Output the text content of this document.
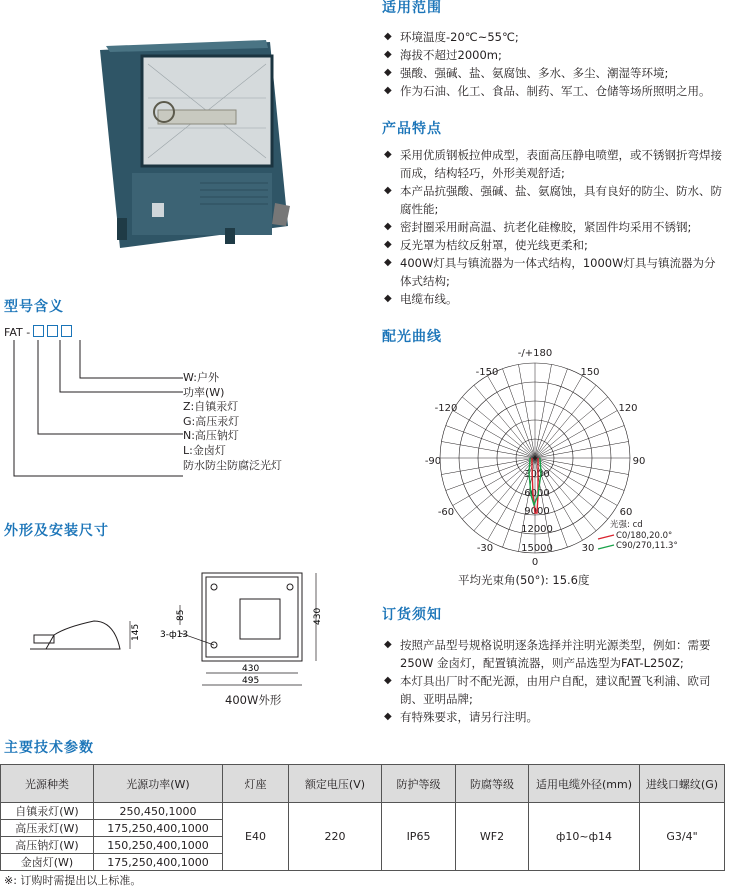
适用范围
◆ 环境温度-20℃~55℃;
◆ 海拔不超过2000m;
◆ 强酸、强碱、盐、氨腐蚀、多水、多尘、潮湿等环境;
◆ 作为石油、化工、食品、制药、军工、仓储等场所照明之用。
产品特点
◆ 采用优质钢板拉伸成型，表面高压静电喷塑，或不锈钢折弯焊接而成，结构轻巧，外形美观舒适;
◆ 本产品抗强酸、强碱、盐、氨腐蚀，具有良好的防尘、防水、防腐性能;
◆ 密封圈采用耐高温、抗老化硅橡胶，紧固件均采用不锈钢;
◆ 反光罩为桔纹反射罩，使光线更柔和;
◆ 400W灯具与镇流器为一体式结构，1000W灯具与镇流器为分体式结构;
◆ 电缆布线。
配光曲线
-/+180
-150	150
-120	120
-90	90
-60	60
-30	30
0
3000
6000
9000
12000
15000
光强: cd
C0/180,20.0°
C90/270,11.3°
平均光束角(50°): 15.6度
订货须知
◆ 按照产品型号规格说明逐条选择并注明光源类型，例如：需要250W 金卤灯，配置镇流器，则产品选型为FAT-L250Z;
◆ 本灯具出厂时不配光源，由用户自配，建议配置飞利浦、欧司朗、亚明品牌;
◆ 有特殊要求，请另行注明。
型号含义
FAT -
W:户外
功率(W)
Z:自镇汞灯
G:高压汞灯
N:高压钠灯
L:金卤灯
防水防尘防腐泛光灯
外形及安装尺寸
145
85
3-ф13
430
430
495
400W外形
主要技术参数
光源种类	光源功率(W)	灯座	额定电压(V)	防护等级	防腐等级	适用电缆外径(mm)	进线口螺纹(G)
自镇汞灯(W)	250,450,1000	E40	220	IP65	WF2	ф10~ф14	G3/4"
高压汞灯(W)	175,250,400,1000						
高压钠灯(W)	150,250,400,1000						
金卤灯(W)	175,250,400,1000						
※: 订购时需提出以上标准。
